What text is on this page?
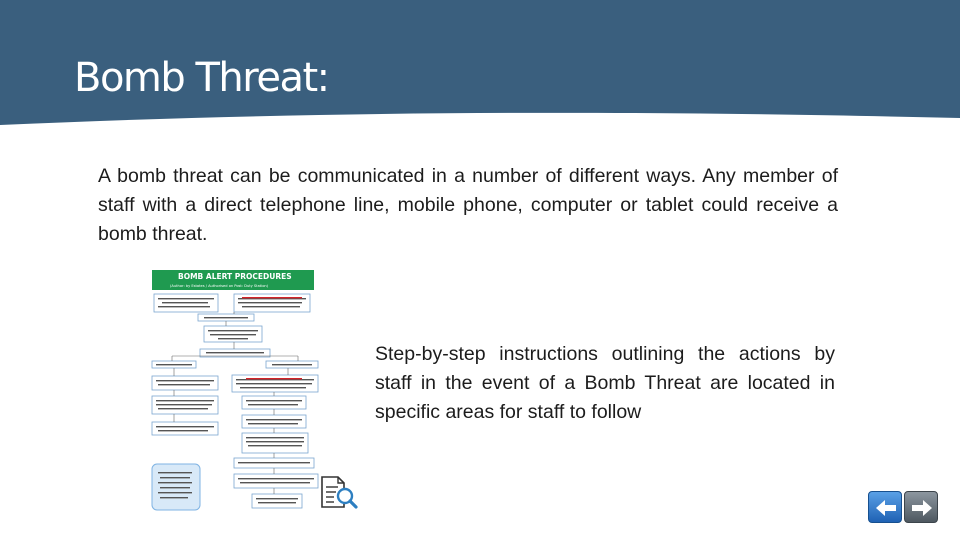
Bomb Threat:

A bomb threat can be communicated in a number of different ways. Any member of staff with a direct telephone line, mobile phone, computer or tablet could receive a bomb threat.

BOMB ALERT PROCEDURES
(Author: by Estates / Authorised on Post: Duty Station)

Step-by-step instructions outlining the actions by staff in the event of a Bomb Threat are located in specific areas for staff to follow
